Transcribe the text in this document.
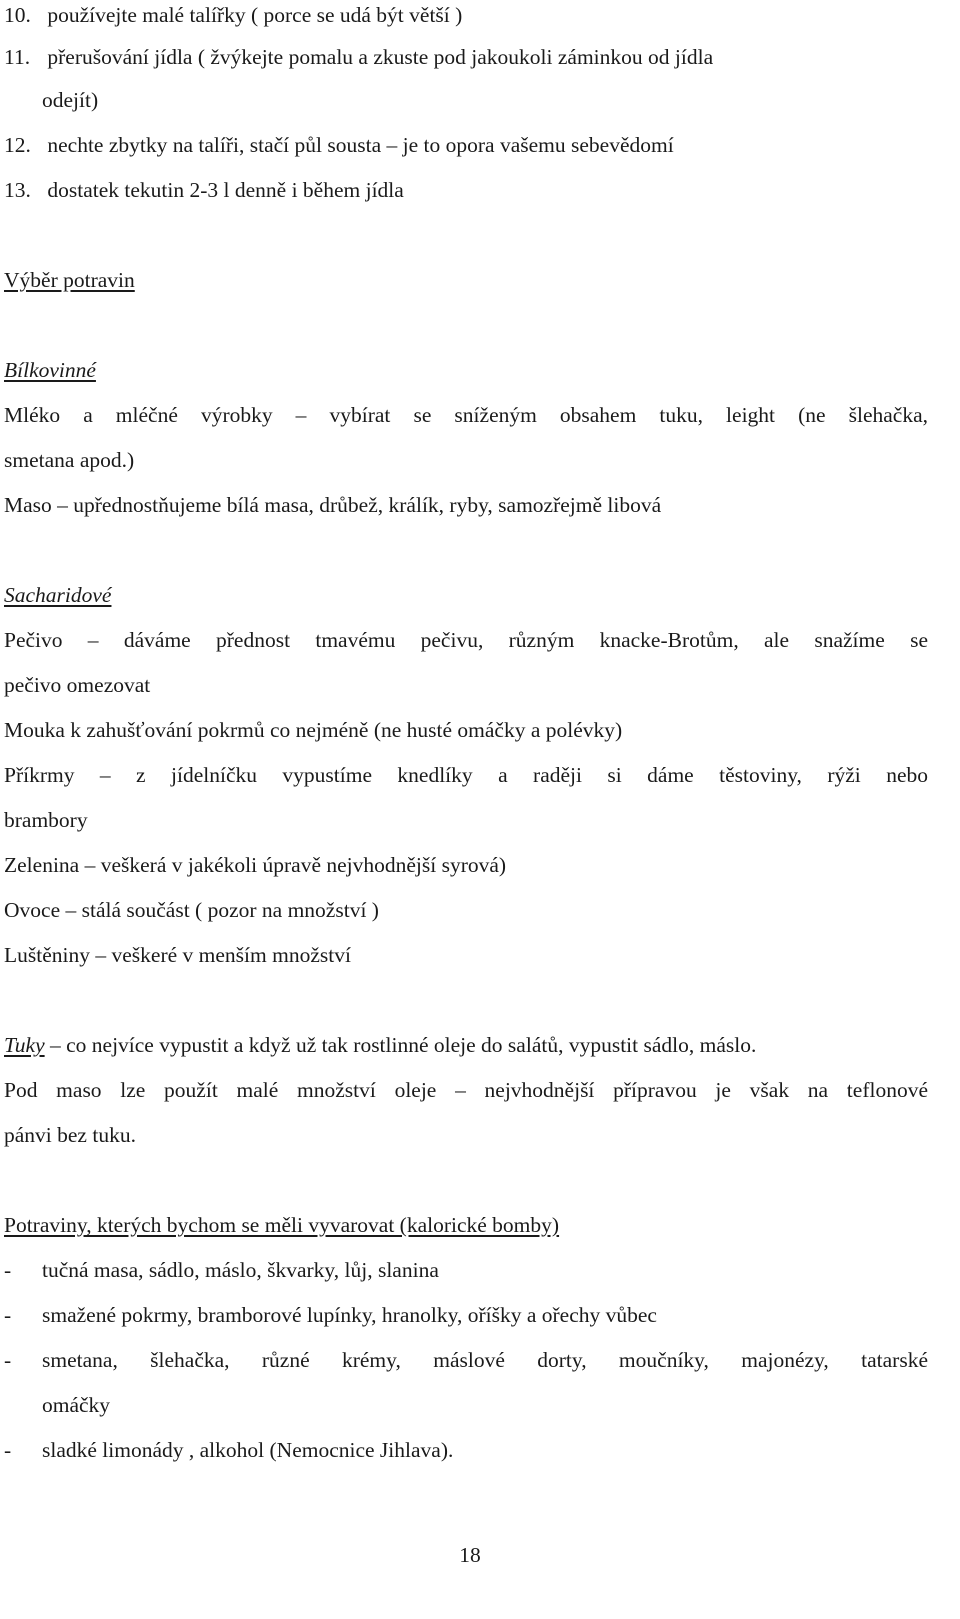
10. používejte malé talířky ( porce se udá být větší )
11. přerušování jídla ( žvýkejte pomalu a zkuste pod jakoukoli záminkou od jídla
odejít)
12. nechte zbytky na talíři, stačí půl sousta – je to opora vašemu sebevědomí
13. dostatek tekutin 2-3 l denně i během jídla
Výběr potravin
Bílkovinné
Mléko a mléčné výrobky – vybírat se sníženým obsahem tuku, leight (ne šlehačka,
smetana apod.)
Maso – upřednostňujeme bílá masa, drůbež, králík, ryby, samozřejmě libová
Sacharidové
Pečivo – dáváme přednost tmavému pečivu, různým knacke-Brotům, ale snažíme se
pečivo omezovat
Mouka k zahušťování pokrmů co nejméně (ne husté omáčky a polévky)
Příkrmy – z jídelníčku vypustíme knedlíky a raději si dáme těstoviny, rýži nebo
brambory
Zelenina – veškerá v jakékoli úpravě nejvhodnější syrová)
Ovoce – stálá součást ( pozor na množství )
Luštěniny – veškeré v menším množství
Tuky – co nejvíce vypustit a když už tak rostlinné oleje do salátů, vypustit sádlo, máslo.
Pod maso lze použít malé množství oleje – nejvhodnější přípravou je však na teflonové
pánvi bez tuku.
Potraviny, kterých bychom se měli vyvarovat (kalorické bomby)
- tučná masa, sádlo, máslo, škvarky, lůj, slanina
- smažené pokrmy, bramborové lupínky, hranolky, oříšky a ořechy vůbec
- smetana, šlehačka, různé krémy, máslové dorty, moučníky, majonézy, tatarské
omáčky
- sladké limonády , alkohol (Nemocnice Jihlava).
18
